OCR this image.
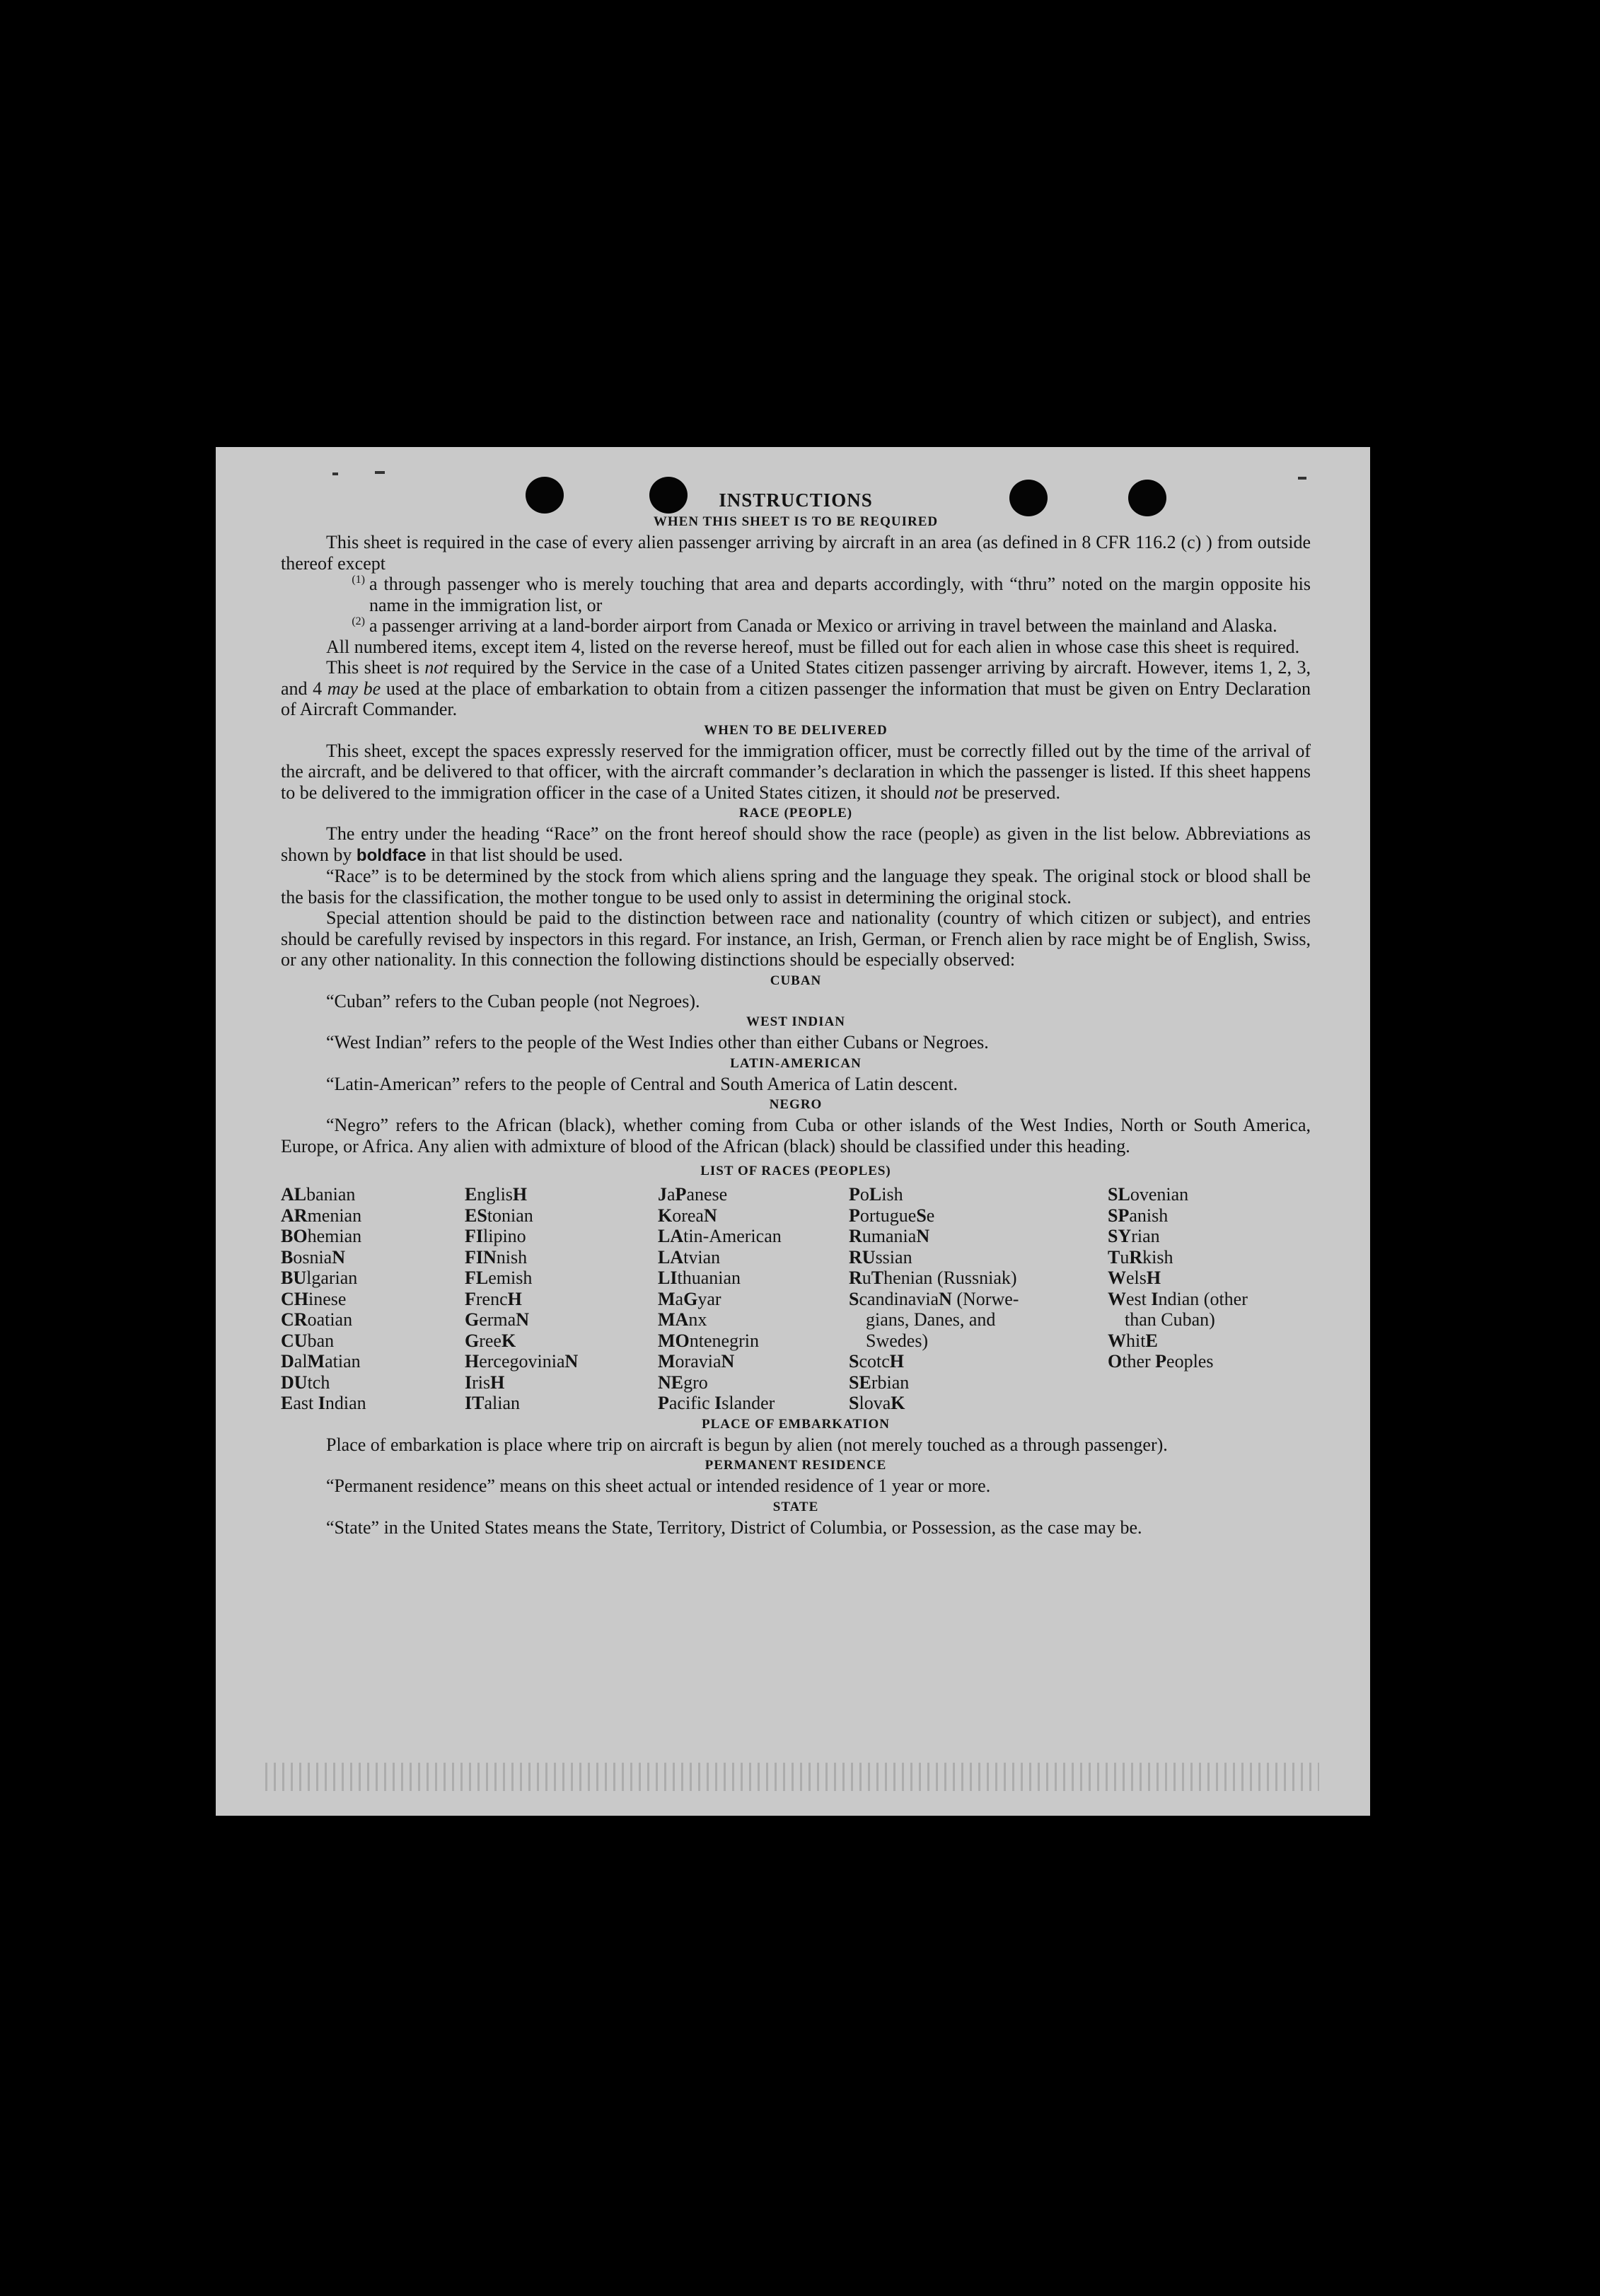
INSTRUCTIONS
WHEN THIS SHEET IS TO BE REQUIRED

This sheet is required in the case of every alien passenger arriving by aircraft in an area (as defined in 8 CFR 116.2 (c) ) from outside thereof except

(1) a through passenger who is merely touching that area and departs accordingly, with “thru” noted on the margin opposite his name in the immigration list, or

(2) a passenger arriving at a land-border airport from Canada or Mexico or arriving in travel between the mainland and Alaska.

All numbered items, except item 4, listed on the reverse hereof, must be filled out for each alien in whose case this sheet is required.

This sheet is not required by the Service in the case of a United States citizen passenger arriving by aircraft. However, items 1, 2, 3, and 4 may be used at the place of embarkation to obtain from a citizen passenger the information that must be given on Entry Declaration of Aircraft Commander.

WHEN TO BE DELIVERED

This sheet, except the spaces expressly reserved for the immigration officer, must be correctly filled out by the time of the arrival of the aircraft, and be delivered to that officer, with the aircraft commander’s declaration in which the passenger is listed. If this sheet happens to be delivered to the immigration officer in the case of a United States citizen, it should not be preserved.

RACE (PEOPLE)

The entry under the heading “Race” on the front hereof should show the race (people) as given in the list below. Abbreviations as shown by boldface in that list should be used.

“Race” is to be determined by the stock from which aliens spring and the language they speak. The original stock or blood shall be the basis for the classification, the mother tongue to be used only to assist in determining the original stock.

Special attention should be paid to the distinction between race and nationality (country of which citizen or subject), and entries should be carefully revised by inspectors in this regard. For instance, an Irish, German, or French alien by race might be of English, Swiss, or any other nationality. In this connection the following distinctions should be especially observed:

CUBAN

“Cuban” refers to the Cuban people (not Negroes).

WEST INDIAN

“West Indian” refers to the people of the West Indies other than either Cubans or Negroes.

LATIN-AMERICAN

“Latin-American” refers to the people of Central and South America of Latin descent.

NEGRO

“Negro” refers to the African (black), whether coming from Cuba or other islands of the West Indies, North or South America, Europe, or Africa. Any alien with admixture of blood of the African (black) should be classified under this heading.

LIST OF RACES (PEOPLES)
ALbanian
ARmenian
BOhemian
BosniaN
BUlgarian
CHinese
CRoatian
CUban
DalMatian
DUtch
East Indian
EnglisH
EStonian
FIlipino
FINnish
FLemish
FrencH
GermaN
GreeK
HercegoviniaN
IrisH
ITalian
JaPanese
KoreaN
LAtin-American
LAtvian
LIthuanian
MaGyar
MAnx
MOntenegrin
MoraviaN
NEgro
Pacific Islander
PoLish
PortugueSe
RumaniaN
RUssian
RuThenian (Russniak)
ScandinaviaN (Norwe-
gians, Danes, and
Swedes)
ScotcH
SErbian
SlovaK
SLovenian
SPanish
SYrian
TuRkish
WelsH
West Indian (other
than Cuban)
WhitE
Other Peoples
PLACE OF EMBARKATION

Place of embarkation is place where trip on aircraft is begun by alien (not merely touched as a through passenger).

PERMANENT RESIDENCE

“Permanent residence” means on this sheet actual or intended residence of 1 year or more.

STATE

“State” in the United States means the State, Territory, District of Columbia, or Possession, as the case may be.
